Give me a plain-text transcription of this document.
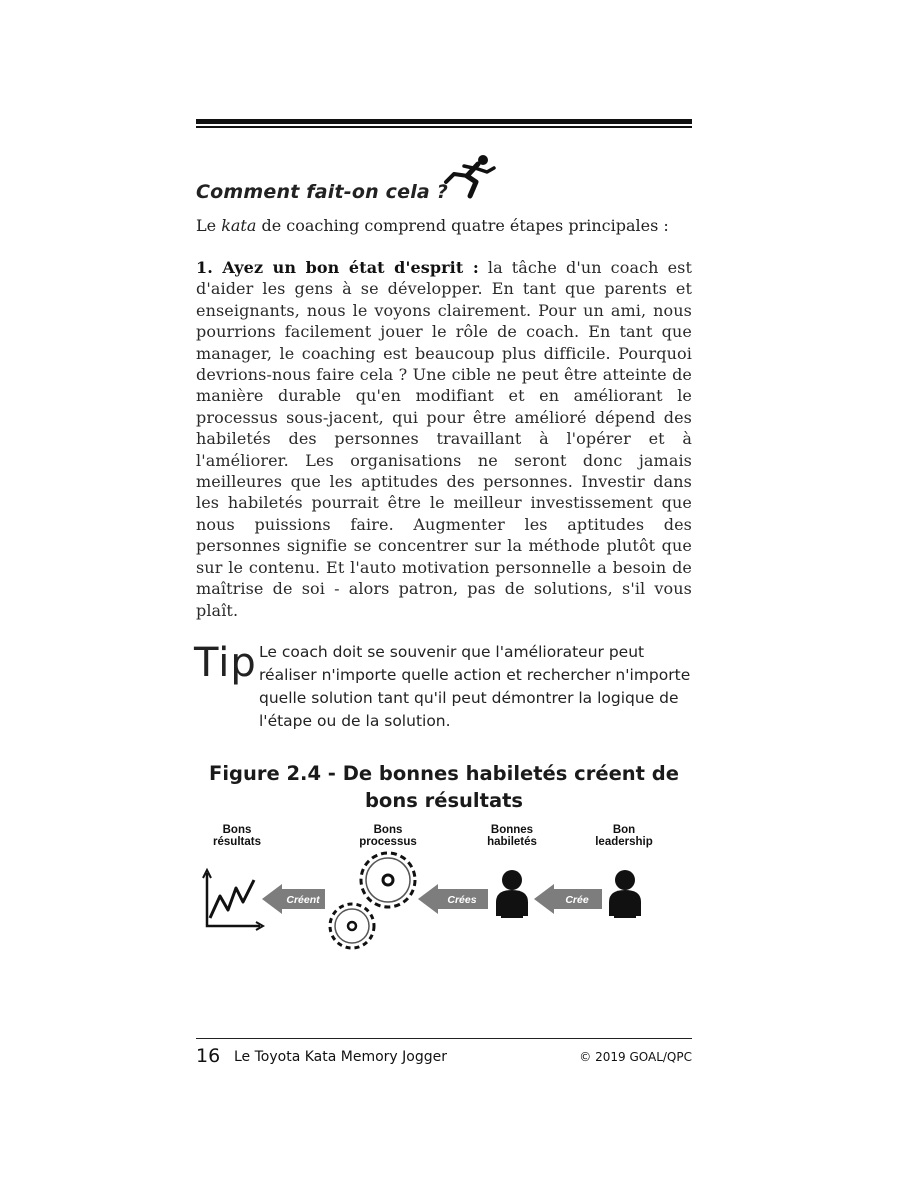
Comment fait-on cela ?
Le kata de coaching comprend quatre étapes principales :
1. Ayez un bon état d'esprit : la tâche d'un coach est d'aider les gens à se développer. En tant que parents et enseignants, nous le voyons clairement. Pour un ami, nous pourrions facilement jouer le rôle de coach. En tant que manager, le coaching est beaucoup plus difficile. Pourquoi devrions-nous faire cela ? Une cible ne peut être atteinte de manière durable qu'en modifiant et en améliorant le processus sous-jacent, qui pour être amélioré dépend des habiletés des personnes travaillant à l'opérer et à l'améliorer. Les organisations ne seront donc jamais meilleures que les aptitudes des personnes. Investir dans les habiletés pourrait être le meilleur investissement que nous puissions faire. Augmenter les aptitudes des personnes signifie se concentrer sur la méthode plutôt que sur le contenu. Et l'auto motivation personnelle a besoin de maîtrise de soi - alors patron, pas de solutions, s'il vous plaît.
Tip Le coach doit se souvenir que l'améliorateur peut réaliser n'importe quelle action et rechercher n'importe quelle solution tant qu'il peut démontrer la logique de l'étape ou de la solution.
Figure 2.4 - De bonnes habiletés créent de bons résultats
Bons
résultats
Bons
processus
Bonnes
habiletés
Bon
leadership
Créent	Crées	Crée
16 Le Toyota Kata Memory Jogger	© 2019 GOAL/QPC
